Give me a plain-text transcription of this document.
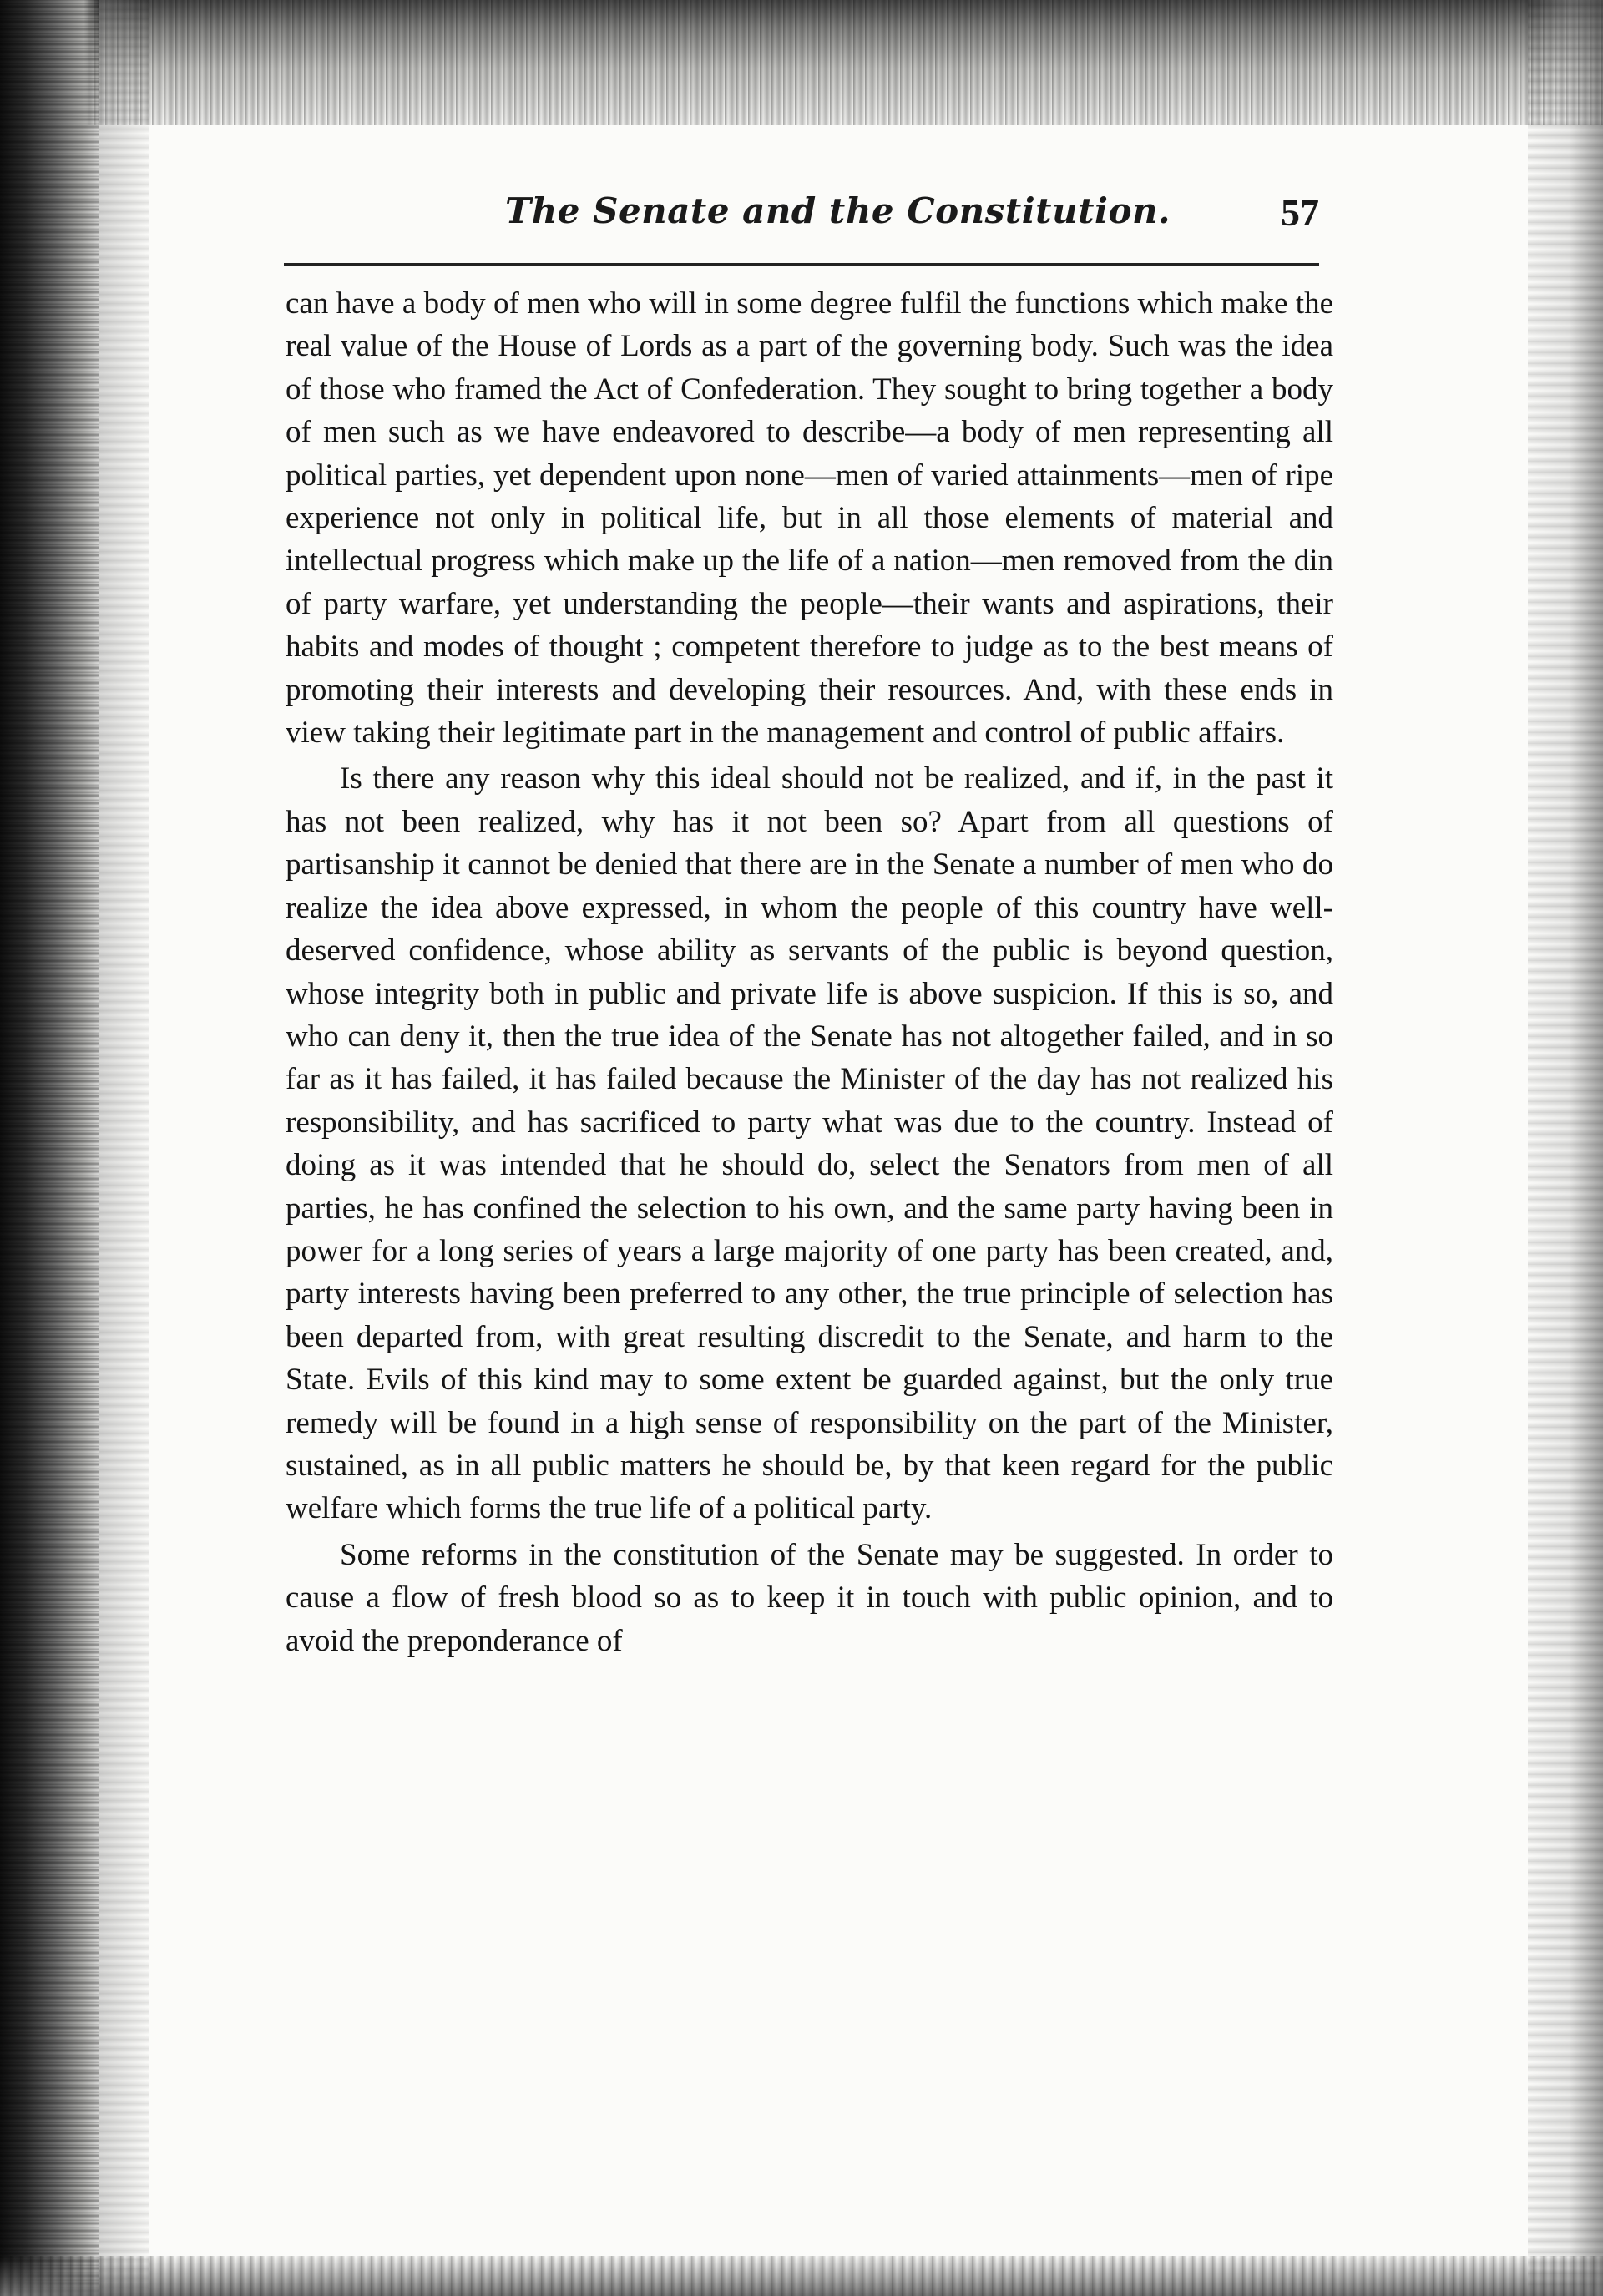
The Senate and the Constitution.	57

can have a body of men who will in some degree fulfil the functions which make the real value of the House of Lords as a part of the governing body. Such was the idea of those who framed the Act of Confederation. They sought to bring together a body of men such as we have endeavored to describe—a body of men representing all political parties, yet dependent upon none—men of varied attainments—men of ripe experience not only in political life, but in all those elements of material and intellectual progress which make up the life of a nation—men removed from the din of party warfare, yet understanding the people—their wants and aspirations, their habits and modes of thought ; competent therefore to judge as to the best means of promoting their interests and developing their resources. And, with these ends in view taking their legitimate part in the management and control of public affairs.

Is there any reason why this ideal should not be realized, and if, in the past it has not been realized, why has it not been so? Apart from all questions of partisanship it cannot be denied that there are in the Senate a number of men who do realize the idea above expressed, in whom the people of this country have well-deserved confidence, whose ability as servants of the public is beyond question, whose integrity both in public and private life is above suspicion. If this is so, and who can deny it, then the true idea of the Senate has not altogether failed, and in so far as it has failed, it has failed because the Minister of the day has not realized his responsibility, and has sacrificed to party what was due to the country. Instead of doing as it was intended that he should do, select the Senators from men of all parties, he has confined the selection to his own, and the same party having been in power for a long series of years a large majority of one party has been created, and, party interests having been preferred to any other, the true principle of selection has been departed from, with great resulting discredit to the Senate, and harm to the State. Evils of this kind may to some extent be guarded against, but the only true remedy will be found in a high sense of responsibility on the part of the Minister, sustained, as in all public matters he should be, by that keen regard for the public welfare which forms the true life of a political party.

Some reforms in the constitution of the Senate may be suggested. In order to cause a flow of fresh blood so as to keep it in touch with public opinion, and to avoid the preponderance of
